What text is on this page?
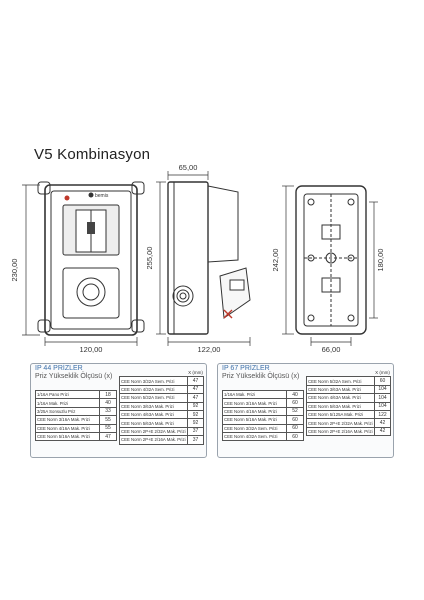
V5 Kombinasyon
bemis
230,00
120,00
65,00
255,00
122,00
242,00	180,00
66,00
IP 44 PRİZLER
Priz Yükseklik Ölçüsü (x)
1/16A Pano Prizi	18
1/16A Mak. Prizi	40
3/25A Sonsuzlu Priz	33
CEE Norm 3/16A Mak. Prizi	55
CEE Norm 4/16A Mak. Prizi	55
CEE Norm 5/16A Mak. Prizi	47
	X (mm)
CEE Norm 3/32A Sem. Prizi	47
CEE Norm 4/32A Sem. Prizi	47
CEE Norm 5/32A Sem. Prizi	47
CEE Norm 3/63A Mak. Prizi	92
CEE Norm 4/63A Mak. Prizi	92
CEE Norm 5/63A Mak. Prizi	92
CEE Norm 2P+E 2/32A Mak. Prizi	37
CEE Norm 2P+E 2/16A Mak. Prizi	37
IP 67 PRİZLER
Priz Yükseklik Ölçüsü (x)
1/16A Mak. Prizi	40
CEE Norm 3/16A Mak. Prizi	60
CEE Norm 4/16A Mak. Prizi	52
CEE Norm 5/16A Mak. Prizi	60
CEE Norm 3/32A Sem. Prizi	60
CEE Norm 4/32A Sem. Prizi	60
	X (mm)
CEE Norm 5/32A Sem. Prizi	60
CEE Norm 3/63A Mak. Prizi	104
CEE Norm 4/63A Mak. Prizi	104
CEE Norm 5/63A Mak. Prizi	104
CEE Norm 5/125A Mak. Prizi	122
CEE Norm 2P+E 2/32A Mak. Prizi	42
CEE Norm 2P+E 2/16A Mak. Prizi	42
